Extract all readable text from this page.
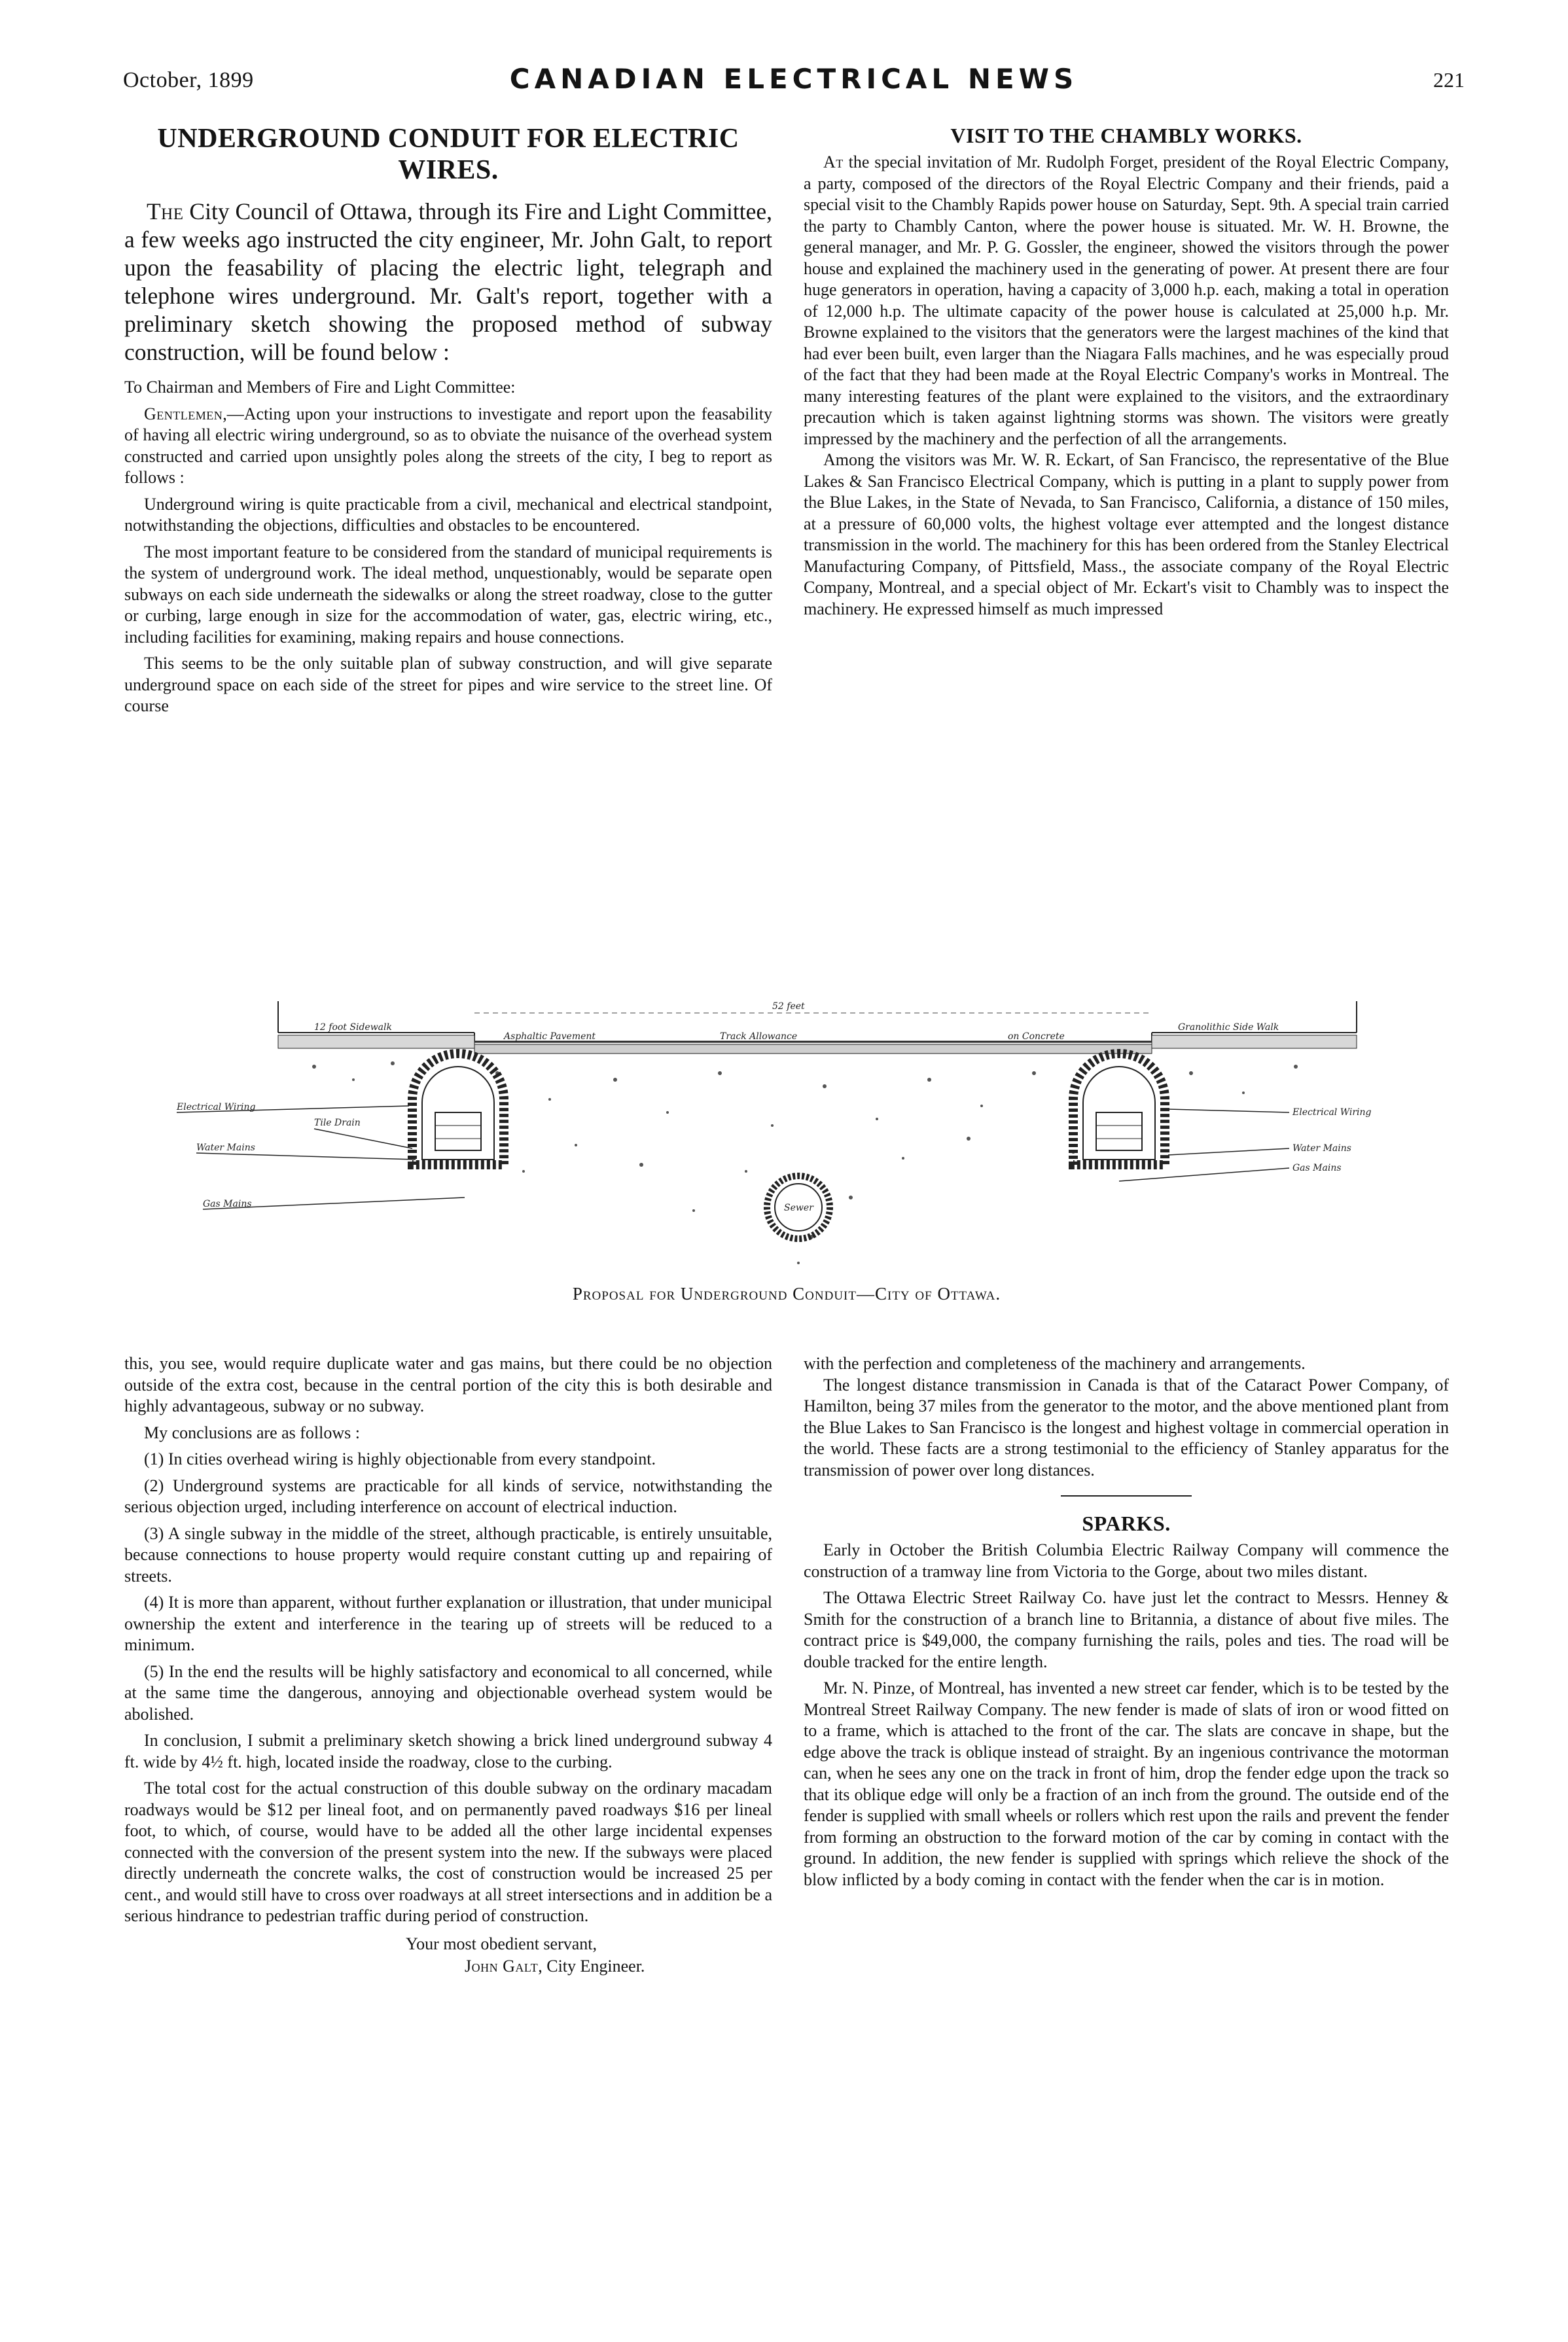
October, 1899	CANADIAN ELECTRICAL NEWS	221
UNDERGROUND CONDUIT FOR ELECTRIC WIRES.

The City Council of Ottawa, through its Fire and Light Committee, a few weeks ago instructed the city engineer, Mr. John Galt, to report upon the feasability of placing the electric light, telegraph and telephone wires underground. Mr. Galt's report, together with a preliminary sketch showing the proposed method of subway construction, will be found below :

To Chairman and Members of Fire and Light Committee:

Gentlemen,—Acting upon your instructions to investigate and report upon the feasability of having all electric wiring underground, so as to obviate the nuisance of the overhead system constructed and carried upon unsightly poles along the streets of the city, I beg to report as follows :

Underground wiring is quite practicable from a civil, mechanical and electrical standpoint, notwithstanding the objections, difficulties and obstacles to be encountered.

The most important feature to be considered from the standard of municipal requirements is the system of underground work. The ideal method, unquestionably, would be separate open subways on each side underneath the sidewalks or along the street roadway, close to the gutter or curbing, large enough in size for the accommodation of water, gas, electric wiring, etc., including facilities for examining, making repairs and house connections.

This seems to be the only suitable plan of subway construction, and will give separate underground space on each side of the street for pipes and wire service to the street line. Of course

VISIT TO THE CHAMBLY WORKS.

At the special invitation of Mr. Rudolph Forget, president of the Royal Electric Company, a party, composed of the directors of the Royal Electric Company and their friends, paid a special visit to the Chambly Rapids power house on Saturday, Sept. 9th. A special train carried the party to Chambly Canton, where the power house is situated. Mr. W. H. Browne, the general manager, and Mr. P. G. Gossler, the engineer, showed the visitors through the power house and explained the machinery used in the generating of power. At present there are four huge generators in operation, having a capacity of 3,000 h.p. each, making a total in operation of 12,000 h.p. The ultimate capacity of the power house is calculated at 25,000 h.p. Mr. Browne explained to the visitors that the generators were the largest machines of the kind that had ever been built, even larger than the Niagara Falls machines, and he was especially proud of the fact that they had been made at the Royal Electric Company's works in Montreal. The many interesting features of the plant were explained to the visitors, and the extraordinary precaution which is taken against lightning storms was shown. The visitors were greatly impressed by the machinery and the perfection of all the arrangements.

Among the visitors was Mr. W. R. Eckart, of San Francisco, the representative of the Blue Lakes & San Francisco Electrical Company, which is putting in a plant to supply power from the Blue Lakes, in the State of Nevada, to San Francisco, California, a distance of 150 miles, at a pressure of 60,000 volts, the highest voltage ever attempted and the longest distance transmission in the world. The machinery for this has been ordered from the Stanley Electrical Manufacturing Company, of Pittsfield, Mass., the associate company of the Royal Electric Company, Montreal, and a special object of Mr. Eckart's visit to Chambly was to inspect the machinery. He expressed himself as much impressed

52 feet
12 foot Sidewalk
Asphaltic Pavement	Track Allowance	on Concrete
Granolithic Side Walk
Electrical Wiring
Tile Drain
Water Mains
Gas Mains
Electrical Wiring
Water Mains
Gas Mains
Sewer
Proposal for Underground Conduit—City of Ottawa.

this, you see, would require duplicate water and gas mains, but there could be no objection outside of the extra cost, because in the central portion of the city this is both desirable and highly advantageous, subway or no subway.

My conclusions are as follows :

(1) In cities overhead wiring is highly objectionable from every standpoint.

(2) Underground systems are practicable for all kinds of service, notwithstanding the serious objection urged, including interference on account of electrical induction.

(3) A single subway in the middle of the street, although practicable, is entirely unsuitable, because connections to house property would require constant cutting up and repairing of streets.

(4) It is more than apparent, without further explanation or illustration, that under municipal ownership the extent and interference in the tearing up of streets will be reduced to a minimum.

(5) In the end the results will be highly satisfactory and economical to all concerned, while at the same time the dangerous, annoying and objectionable overhead system would be abolished.

In conclusion, I submit a preliminary sketch showing a brick lined underground subway 4 ft. wide by 4½ ft. high, located inside the roadway, close to the curbing.

The total cost for the actual construction of this double subway on the ordinary macadam roadways would be $12 per lineal foot, and on permanently paved roadways $16 per lineal foot, to which, of course, would have to be added all the other large incidental expenses connected with the conversion of the present system into the new. If the subways were placed directly underneath the concrete walks, the cost of construction would be increased 25 per cent., and would still have to cross over roadways at all street intersections and in addition be a serious hindrance to pedestrian traffic during period of construction.

Your most obedient servant,

John Galt, City Engineer.

with the perfection and completeness of the machinery and arrangements.

The longest distance transmission in Canada is that of the Cataract Power Company, of Hamilton, being 37 miles from the generator to the motor, and the above mentioned plant from the Blue Lakes to San Francisco is the longest and highest voltage in commercial operation in the world. These facts are a strong testimonial to the efficiency of Stanley apparatus for the transmission of power over long distances.

SPARKS.

Early in October the British Columbia Electric Railway Company will commence the construction of a tramway line from Victoria to the Gorge, about two miles distant.

The Ottawa Electric Street Railway Co. have just let the contract to Messrs. Henney & Smith for the construction of a branch line to Britannia, a distance of about five miles. The contract price is $49,000, the company furnishing the rails, poles and ties. The road will be double tracked for the entire length.

Mr. N. Pinze, of Montreal, has invented a new street car fender, which is to be tested by the Montreal Street Railway Company. The new fender is made of slats of iron or wood fitted on to a frame, which is attached to the front of the car. The slats are concave in shape, but the edge above the track is oblique instead of straight. By an ingenious contrivance the motorman can, when he sees any one on the track in front of him, drop the fender edge upon the track so that its oblique edge will only be a fraction of an inch from the ground. The outside end of the fender is supplied with small wheels or rollers which rest upon the rails and prevent the fender from forming an obstruction to the forward motion of the car by coming in contact with the ground. In addition, the new fender is supplied with springs which relieve the shock of the blow inflicted by a body coming in contact with the fender when the car is in motion.
